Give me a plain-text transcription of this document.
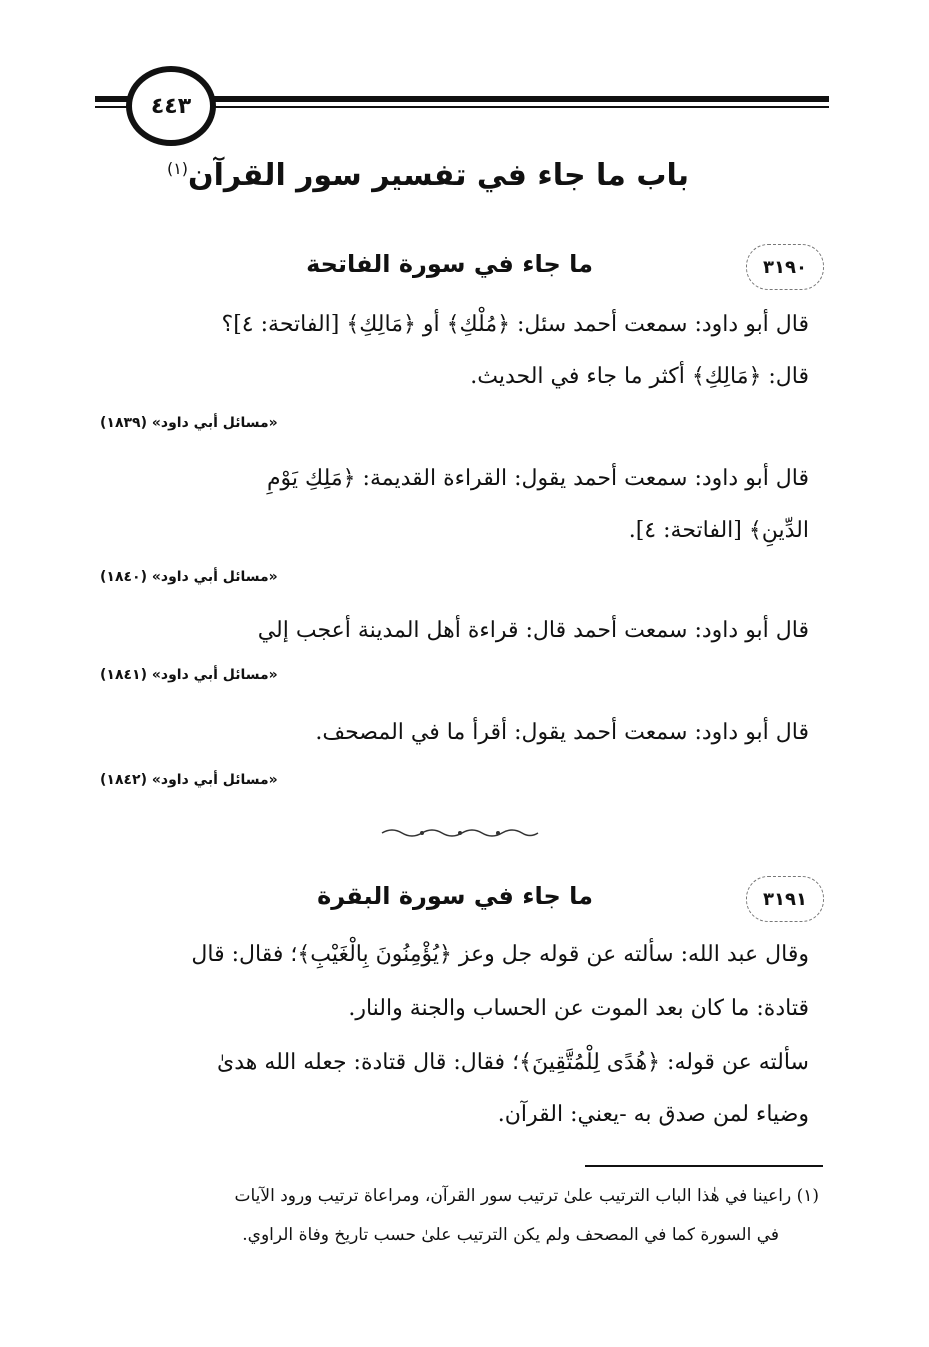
٤٤٣
باب ما جاء في تفسير سور القرآن$^{(١)}$
٣١٩٠
ما جاء في سورة الفاتحة
قال أبو داود: سمعت أحمد سئل: ﴿مُلْكِ﴾ أو ﴿مَالِكِ﴾ [الفاتحة: ٤]؟
قال: ﴿مَالِكِ﴾ أكثر ما جاء في الحديث.
«مسائل أبي داود» (١٨٣٩)
قال أبو داود: سمعت أحمد يقول: القراءة القديمة: ﴿مَلِكِ يَوْمِ
الدِّينِ﴾ [الفاتحة: ٤].
«مسائل أبي داود» (١٨٤٠)
قال أبو داود: سمعت أحمد قال: قراءة أهل المدينة أعجب إلي
«مسائل أبي داود» (١٨٤١)
قال أبو داود: سمعت أحمد يقول: أقرأ ما في المصحف.
«مسائل أبي داود» (١٨٤٢)
٣١٩١
ما جاء في سورة البقرة
وقال عبد الله: سألته عن قوله جل وعز ﴿يُؤْمِنُونَ بِالْغَيْبِ﴾؛ فقال: قال
قتادة: ما كان بعد الموت عن الحساب والجنة والنار.
سألته عن قوله: ﴿هُدًى لِلْمُتَّقِينَ﴾؛ فقال: قال قتادة: جعله الله هدىٰ
وضياء لمن صدق به -يعني: القرآن.
(١) راعينا في هٰذا الباب الترتيب علىٰ ترتيب سور القرآن، ومراعاة ترتيب ورود الآيات
في السورة كما في المصحف ولم يكن الترتيب علىٰ حسب تاريخ وفاة الراوي.
